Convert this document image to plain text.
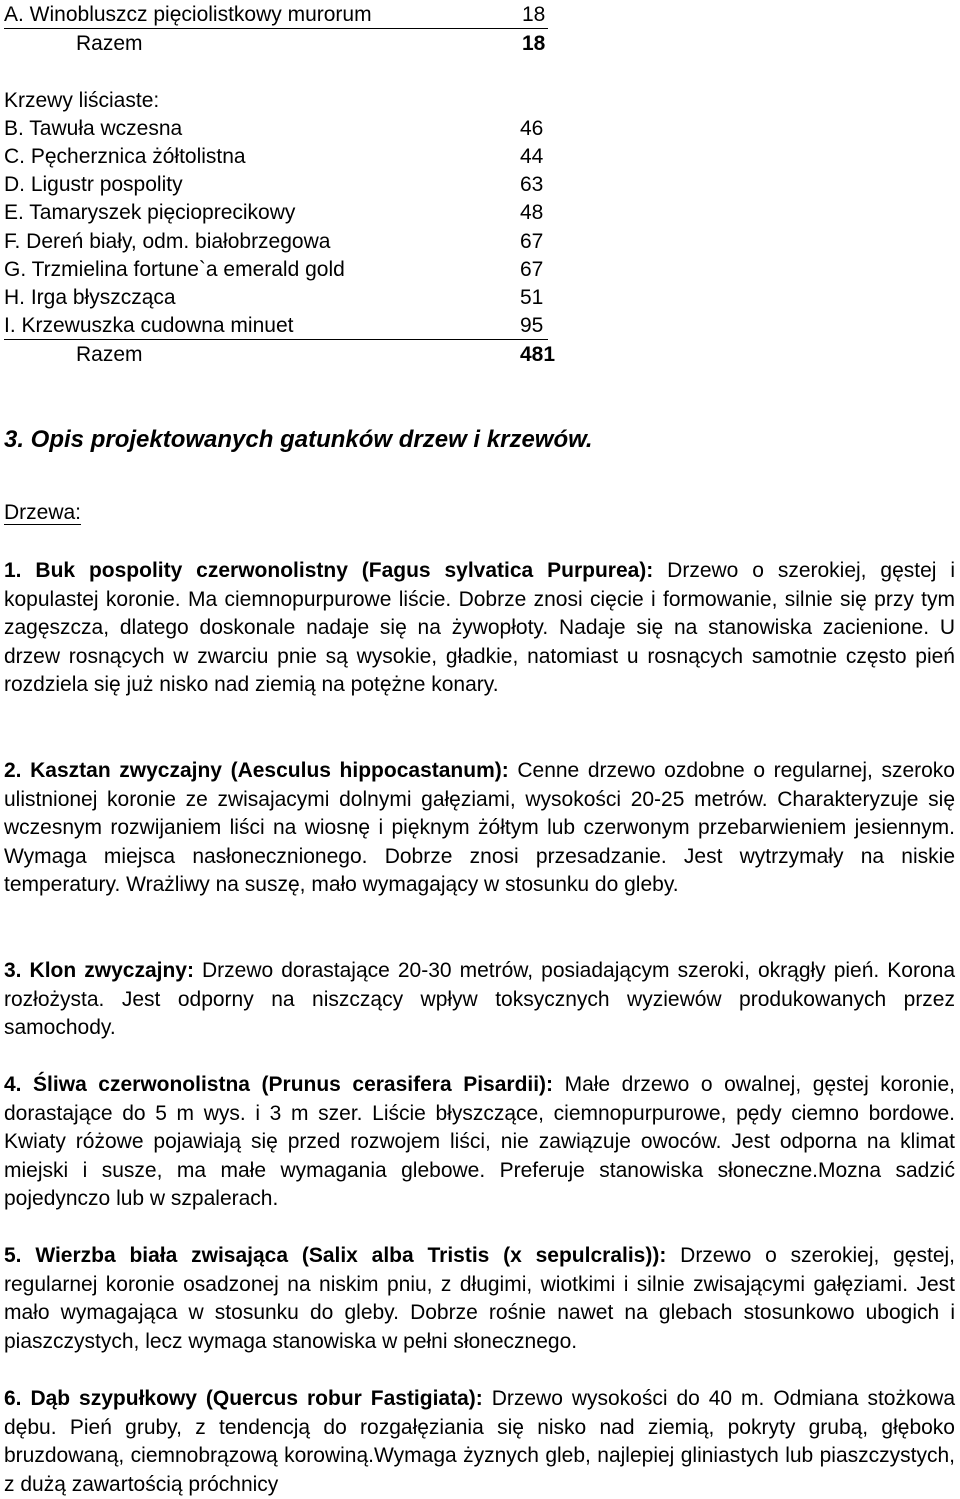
A. Winobluszcz pięciolistkowy murorum	18
Razem	18
Krzewy liściaste:
B. Tawuła wczesna	46
C. Pęcherznica żółtolistna	44
D. Ligustr pospolity	63
E. Tamaryszek pięcioprecikowy	48
F. Dereń biały, odm. białobrzegowa	67
G. Trzmielina fortune`a emerald gold	67
H. Irga błyszcząca	51
I. Krzewuszka cudowna minuet	95
Razem	481
3. Opis projektowanych gatunków drzew i krzewów.
Drzewa:
1. Buk pospolity czerwonolistny (Fagus sylvatica Purpurea): Drzewo o szerokiej, gęstej i kopulastej koronie. Ma ciemnopurpurowe liście. Dobrze znosi cięcie i formowanie, silnie się przy tym zagęszcza, dlatego doskonale nadaje się na żywopłoty. Nadaje się na stanowiska zacienione. U drzew rosnących w zwarciu pnie są wysokie, gładkie, natomiast u rosnących samotnie często pień rozdziela się już nisko nad ziemią na potężne konary.
2. Kasztan zwyczajny (Aesculus hippocastanum): Cenne drzewo ozdobne o regularnej, szeroko ulistnionej koronie ze zwisajacymi dolnymi gałęziami, wysokości 20-25 metrów. Charakteryzuje się wczesnym rozwijaniem liści na wiosnę i pięknym żółtym lub czerwonym przebarwieniem jesiennym. Wymaga miejsca nasłonecznionego. Dobrze znosi przesadzanie. Jest wytrzymały na niskie temperatury. Wrażliwy na suszę, mało wymagający w stosunku do gleby.
3. Klon zwyczajny: Drzewo dorastające 20-30 metrów, posiadającym szeroki, okrągły pień. Korona rozłożysta. Jest odporny na niszczący wpływ toksycznych wyziewów produkowanych przez samochody.
4. Śliwa czerwonolistna (Prunus cerasifera Pisardii): Małe drzewo o owalnej, gęstej koronie, dorastające do 5 m wys. i 3 m szer. Liście błyszczące, ciemnopurpurowe, pędy ciemno bordowe. Kwiaty różowe pojawiają się przed rozwojem liści, nie zawiązuje owoców. Jest odporna na klimat miejski i susze, ma małe wymagania glebowe. Preferuje stanowiska słoneczne.Mozna sadzić pojedynczo lub w szpalerach.
5. Wierzba biała zwisająca (Salix alba Tristis (x sepulcralis)): Drzewo o szerokiej, gęstej, regularnej koronie osadzonej na niskim pniu, z długimi, wiotkimi i silnie zwisającymi gałęziami. Jest mało wymagająca w stosunku do gleby. Dobrze rośnie nawet na glebach stosunkowo ubogich i piaszczystych, lecz wymaga stanowiska w pełni słonecznego.
6. Dąb szypułkowy (Quercus robur Fastigiata): Drzewo wysokości do 40 m. Odmiana stożkowa dębu. Pień gruby, z tendencją do rozgałęziania się nisko nad ziemią, pokryty grubą, głęboko bruzdowaną, ciemnobrązową korowiną.Wymaga żyznych gleb, najlepiej gliniastych lub piaszczystych, z dużą zawartością próchnicy
